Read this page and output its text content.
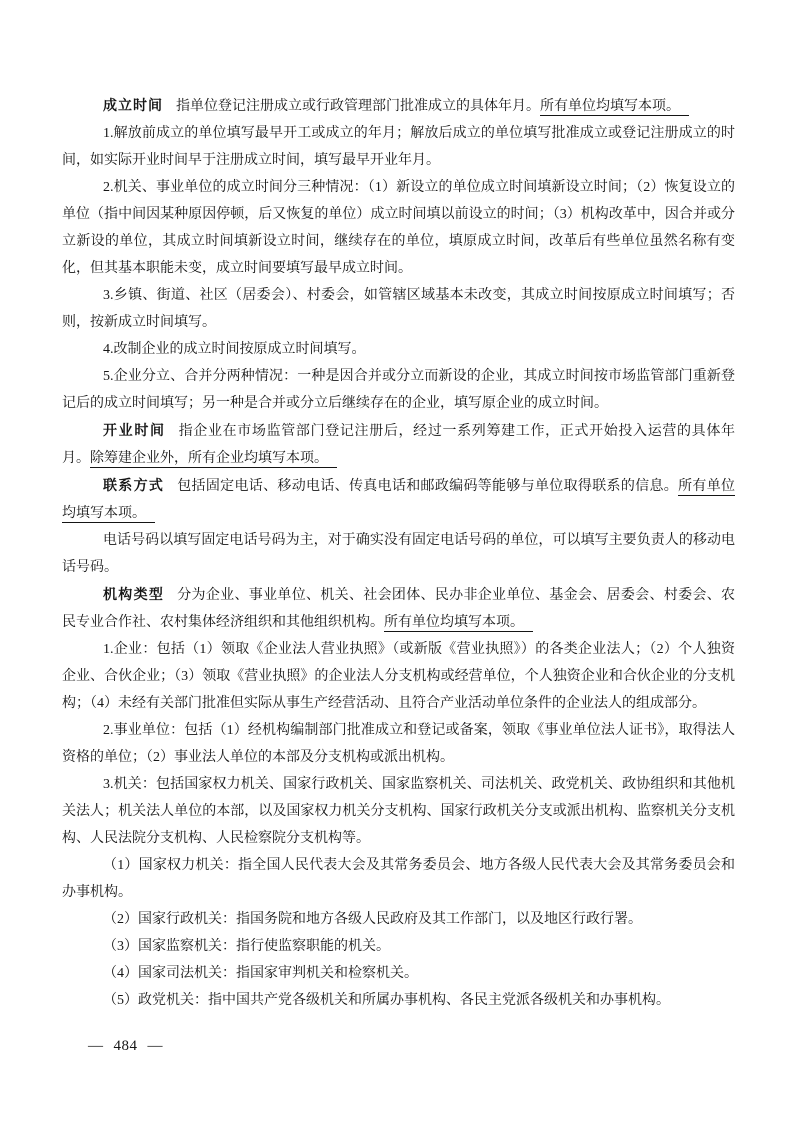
成立时间 指单位登记注册成立或行政管理部门批准成立的具体年月。所有单位均填写本项。

1.解放前成立的单位填写最早开工或成立的年月；解放后成立的单位填写批准成立或登记注册成立的时间，如实际开业时间早于注册成立时间，填写最早开业年月。

2.机关、事业单位的成立时间分三种情况：（1）新设立的单位成立时间填新设立时间；（2）恢复设立的单位（指中间因某种原因停顿，后又恢复的单位）成立时间填以前设立的时间；（3）机构改革中，因合并或分立新设的单位，其成立时间填新设立时间，继续存在的单位，填原成立时间，改革后有些单位虽然名称有变化，但其基本职能未变，成立时间要填写最早成立时间。

3.乡镇、街道、社区（居委会）、村委会，如管辖区域基本未改变，其成立时间按原成立时间填写；否则，按新成立时间填写。

4.改制企业的成立时间按原成立时间填写。

5.企业分立、合并分两种情况：一种是因合并或分立而新设的企业，其成立时间按市场监管部门重新登记后的成立时间填写；另一种是合并或分立后继续存在的企业，填写原企业的成立时间。

开业时间 指企业在市场监管部门登记注册后，经过一系列筹建工作，正式开始投入运营的具体年月。除筹建企业外，所有企业均填写本项。

联系方式 包括固定电话、移动电话、传真电话和邮政编码等能够与单位取得联系的信息。所有单位均填写本项。

电话号码以填写固定电话号码为主，对于确实没有固定电话号码的单位，可以填写主要负责人的移动电话号码。

机构类型 分为企业、事业单位、机关、社会团体、民办非企业单位、基金会、居委会、村委会、农民专业合作社、农村集体经济组织和其他组织机构。所有单位均填写本项。

1.企业：包括（1）领取《企业法人营业执照》（或新版《营业执照》）的各类企业法人；（2）个人独资企业、合伙企业；（3）领取《营业执照》的企业法人分支机构或经营单位，个人独资企业和合伙企业的分支机构；（4）未经有关部门批准但实际从事生产经营活动、且符合产业活动单位条件的企业法人的组成部分。

2.事业单位：包括（1）经机构编制部门批准成立和登记或备案，领取《事业单位法人证书》，取得法人资格的单位；（2）事业法人单位的本部及分支机构或派出机构。

3.机关：包括国家权力机关、国家行政机关、国家监察机关、司法机关、政党机关、政协组织和其他机关法人；机关法人单位的本部，以及国家权力机关分支机构、国家行政机关分支或派出机构、监察机关分支机构、人民法院分支机构、人民检察院分支机构等。

（1）国家权力机关：指全国人民代表大会及其常务委员会、地方各级人民代表大会及其常务委员会和办事机构。

（2）国家行政机关：指国务院和地方各级人民政府及其工作部门，以及地区行政行署。

（3）国家监察机关：指行使监察职能的机关。

（4）国家司法机关：指国家审判机关和检察机关。

（5）政党机关：指中国共产党各级机关和所属办事机构、各民主党派各级机关和办事机构。

— 484 —
